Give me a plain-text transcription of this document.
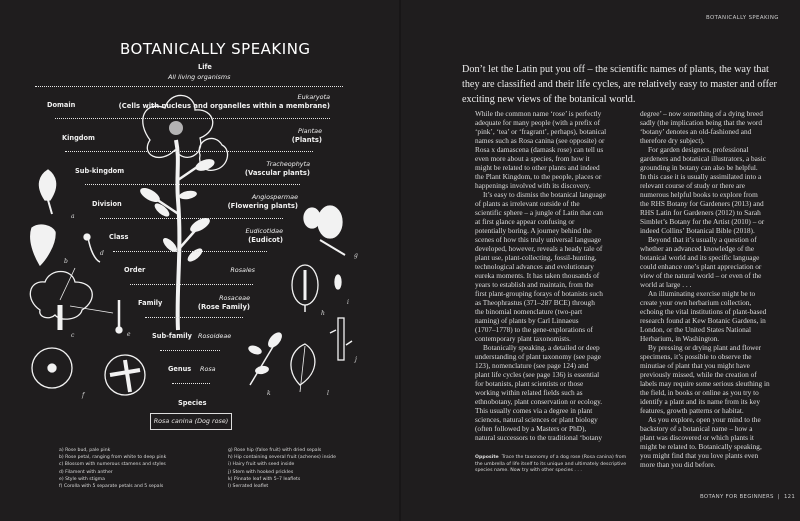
BOTANICALLY SPEAKING
Life
All living organisms
Domain
Eukaryota
(Cells with nucleus and organelles within a membrane)
Kingdom
Plantae
(Plants)
Sub-kingdom
Tracheophyta
(Vascular plants)
Division
Angiospermae
(Flowering plants)
Class
Eudicotidae
(Eudicot)
Order	Rosales
Family
Rosaceae
(Rose Family)
Sub-family Rosoideae
Genus Rosa
Species
Rosa canina (Dog rose)
a
b
c
d
e
f
g
h
i
j
k	l
a) Rose bud, pale pink
b) Rose petal, ranging from white to deep pink
c) Blossom with numerous stamens and styles
d) Filament with anther
e) Style with stigma
f) Corolla with 5 separate petals and 5 sepals
g) Rose hip (false fruit) with dried sepals
h) Hip containing several fruit (achenes) inside
i) Hairy fruit with seed inside
j) Stem with hooked prickles
k) Pinnate leaf with 5–7 leaflets
l) Serrated leaflet
BOTANICALLY SPEAKING
Don’t let the Latin put you off – the scientific names of plants, the way that they are classified and their life cycles, are relatively easy to master and offer exciting new views of the botanical world.
While the common name ‘rose’ is perfectly
adequate for many people (with a prefix of
‘pink’, ‘tea’ or ‘fragrant’, perhaps), botanical
names such as Rosa canina (see opposite) or
Rosa x damascena (damask rose) can tell us
even more about a species, from how it
might be related to other plants and indeed
the Plant Kingdom, to the people, places or
happenings involved with its discovery.
It’s easy to dismiss the botanical language
of plants as irrelevant outside of the
scientific sphere – a jungle of Latin that can
at first glance appear confusing or
potentially boring. A journey behind the
scenes of how this truly universal language
developed, however, reveals a heady tale of
plant use, plant-collecting, fossil-hunting,
technological advances and evolutionary
eureka moments. It has taken thousands of
years to establish and maintain, from the
first plant-grouping forays of botanists such
as Theophrastus (371–287 BCE) through
the binomial nomenclature (two-part
naming) of plants by Carl Linnaeus
(1707–1778) to the gene-explorations of
contemporary plant taxonomists.
Botanically speaking, a detailed or deep
understanding of plant taxonomy (see page
123), nomenclature (see page 124) and
plant life cycles (see page 136) is essential
for botanists, plant scientists or those
working within related fields such as
ethnobotany, plant conservation or ecology.
This usually comes via a degree in plant
sciences, natural sciences or plant biology
(often followed by a Masters or PhD),
natural successors to the traditional ‘botany
degree’ – now something of a dying breed
sadly (the implication being that the word
‘botany’ denotes an old-fashioned and
therefore dry subject).
For garden designers, professional
gardeners and botanical illustrators, a basic
grounding in botany can also be helpful.
In this case it is usually assimilated into a
relevant course of study or there are
numerous helpful books to explore from
the RHS Botany for Gardeners (2013) and
RHS Latin for Gardeners (2012) to Sarah
Simblet’s Botany for the Artist (2010) – or
indeed Collins’ Botanical Bible (2018).
Beyond that it’s usually a question of
whether an advanced knowledge of the
botanical world and its specific language
could enhance one’s plant appreciation or
view of the natural world – or even of the
world at large . . .
An illuminating exercise might be to
create your own herbarium collection,
echoing the vital institutions of plant-based
research found at Kew Botanic Gardens, in
London, or the United States National
Herbarium, in Washington.
By pressing or drying plant and flower
specimens, it’s possible to observe the
minutiae of plant that you might have
previously missed, while the creation of
labels may require some serious sleuthing in
the field, in books or online as you try to
identify a plant and its name from its key
features, growth patterns or habitat.
As you explore, open your mind to the
backstory of a botanical name – how a
plant was discovered or which plants it
might be related to. Botanically speaking,
you might find that you love plants even
more than you did before.
Opposite Trace the taxonomy of a dog rose (Rosa canina) from the umbrella of life itself to its unique and ultimately descriptive species name. Now try with other species . . .
BOTANY FOR BEGINNERS  |  121
